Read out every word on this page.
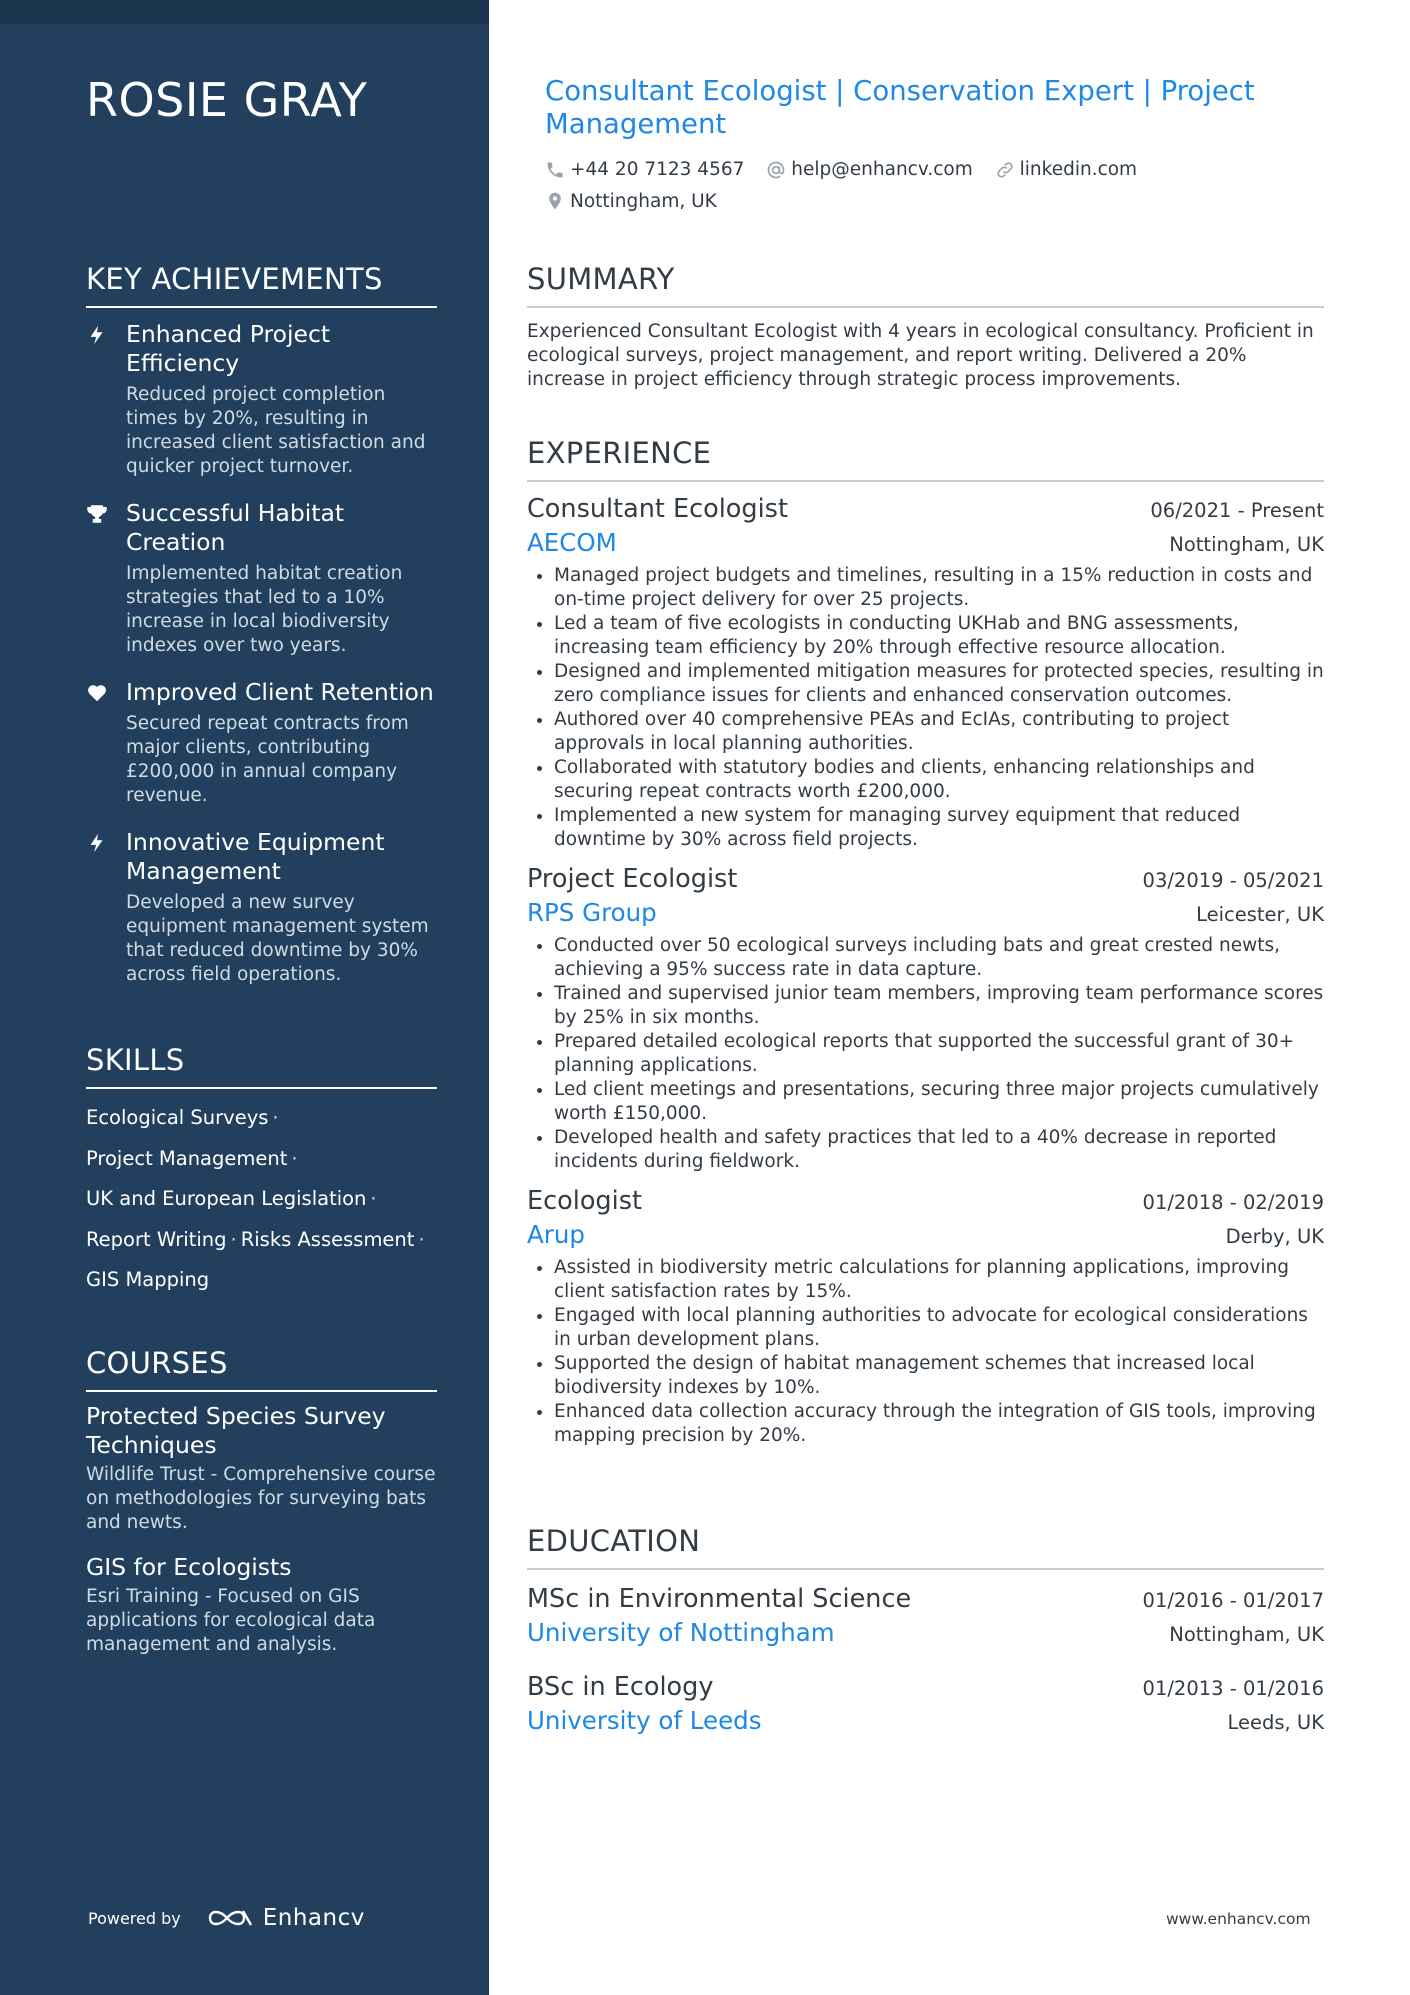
ROSIE GRAY
KEY ACHIEVEMENTS
Enhanced Project Efficiency
Reduced project completion times by 20%, resulting in increased client satisfaction and quicker project turnover.
Successful Habitat Creation
Implemented habitat creation strategies that led to a 10% increase in local biodiversity indexes over two years.
Improved Client Retention
Secured repeat contracts from major clients, contributing £200,000 in annual company revenue.
Innovative Equipment Management
Developed a new survey equipment management system that reduced downtime by 30% across field operations.
SKILLS
Ecological Surveys ·
Project Management ·
UK and European Legislation ·
Report Writing · Risks Assessment ·
GIS Mapping
COURSES
Protected Species Survey Techniques
Wildlife Trust - Comprehensive course on methodologies for surveying bats and newts.
GIS for Ecologists
Esri Training - Focused on GIS applications for ecological data management and analysis.
Powered by	Enhancv
Consultant Ecologist | Conservation Expert | Project Management
+44 20 7123 4567
	help@enhancv.com
	linkedin.com

Nottingham, UK
SUMMARY
Experienced Consultant Ecologist with 4 years in ecological consultancy. Proficient in ecological surveys, project management, and report writing. Delivered a 20% increase in project efficiency through strategic process improvements.
EXPERIENCE
Consultant Ecologist	06/2021 - Present
AECOM	Nottingham, UK
• Managed project budgets and timelines, resulting in a 15% reduction in costs and on-time project delivery for over 25 projects.
• Led a team of five ecologists in conducting UKHab and BNG assessments, increasing team efficiency by 20% through effective resource allocation.
• Designed and implemented mitigation measures for protected species, resulting in zero compliance issues for clients and enhanced conservation outcomes.
• Authored over 40 comprehensive PEAs and EcIAs, contributing to project approvals in local planning authorities.
• Collaborated with statutory bodies and clients, enhancing relationships and securing repeat contracts worth £200,000.
• Implemented a new system for managing survey equipment that reduced downtime by 30% across field projects.
Project Ecologist	03/2019 - 05/2021
RPS Group	Leicester, UK
• Conducted over 50 ecological surveys including bats and great crested newts, achieving a 95% success rate in data capture.
• Trained and supervised junior team members, improving team performance scores by 25% in six months.
• Prepared detailed ecological reports that supported the successful grant of 30+ planning applications.
• Led client meetings and presentations, securing three major projects cumulatively worth £150,000.
• Developed health and safety practices that led to a 40% decrease in reported incidents during fieldwork.
Ecologist	01/2018 - 02/2019
Arup	Derby, UK
• Assisted in biodiversity metric calculations for planning applications, improving client satisfaction rates by 15%.
• Engaged with local planning authorities to advocate for ecological considerations in urban development plans.
• Supported the design of habitat management schemes that increased local biodiversity indexes by 10%.
• Enhanced data collection accuracy through the integration of GIS tools, improving mapping precision by 20%.
EDUCATION
MSc in Environmental Science	01/2016 - 01/2017
University of Nottingham	Nottingham, UK
BSc in Ecology	01/2013 - 01/2016
University of Leeds	Leeds, UK
www.enhancv.com
